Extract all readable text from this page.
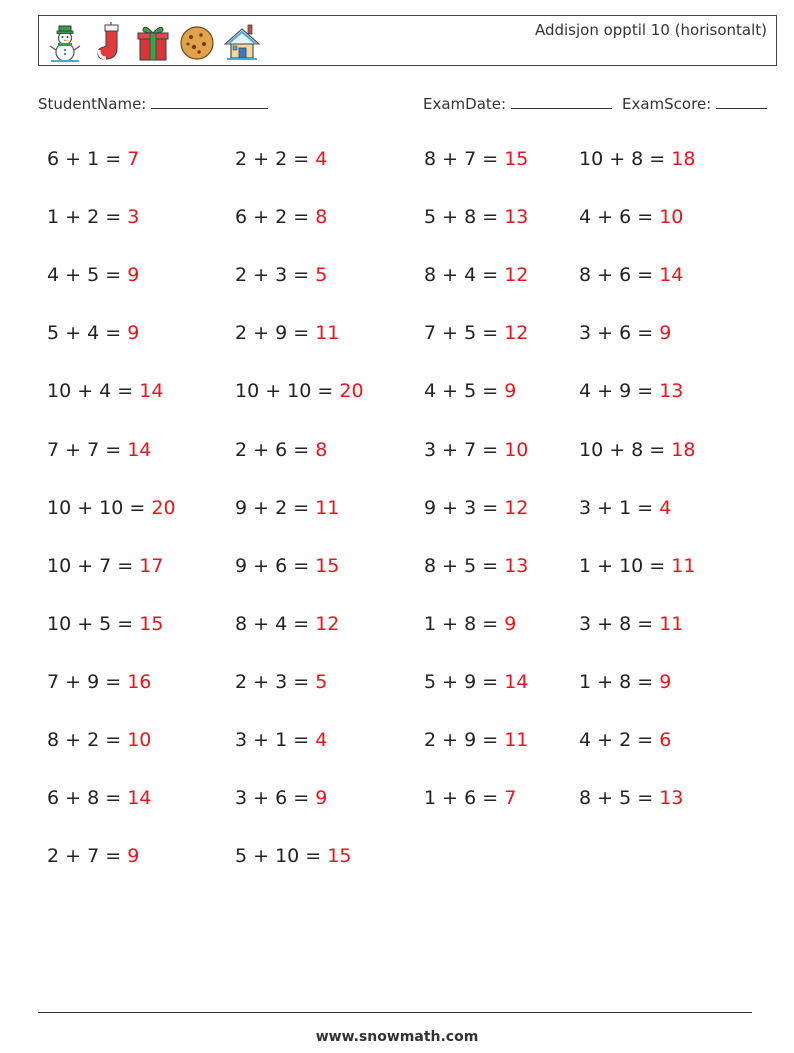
Addisjon opptil 10 (horisontalt)
StudentName:	ExamDate:	ExamScore:
6 + 1 = 7
1 + 2 = 3
4 + 5 = 9
5 + 4 = 9
10 + 4 = 14
7 + 7 = 14
10 + 10 = 20
10 + 7 = 17
10 + 5 = 15
7 + 9 = 16
8 + 2 = 10
6 + 8 = 14
2 + 7 = 9
2 + 2 = 4
6 + 2 = 8
2 + 3 = 5
2 + 9 = 11
10 + 10 = 20
2 + 6 = 8
9 + 2 = 11
9 + 6 = 15
8 + 4 = 12
2 + 3 = 5
3 + 1 = 4
3 + 6 = 9
5 + 10 = 15
8 + 7 = 15
5 + 8 = 13
8 + 4 = 12
7 + 5 = 12
4 + 5 = 9
3 + 7 = 10
9 + 3 = 12
8 + 5 = 13
1 + 8 = 9
5 + 9 = 14
2 + 9 = 11
1 + 6 = 7
10 + 8 = 18
4 + 6 = 10
8 + 6 = 14
3 + 6 = 9
4 + 9 = 13
10 + 8 = 18
3 + 1 = 4
1 + 10 = 11
3 + 8 = 11
1 + 8 = 9
4 + 2 = 6
8 + 5 = 13
www.snowmath.com
